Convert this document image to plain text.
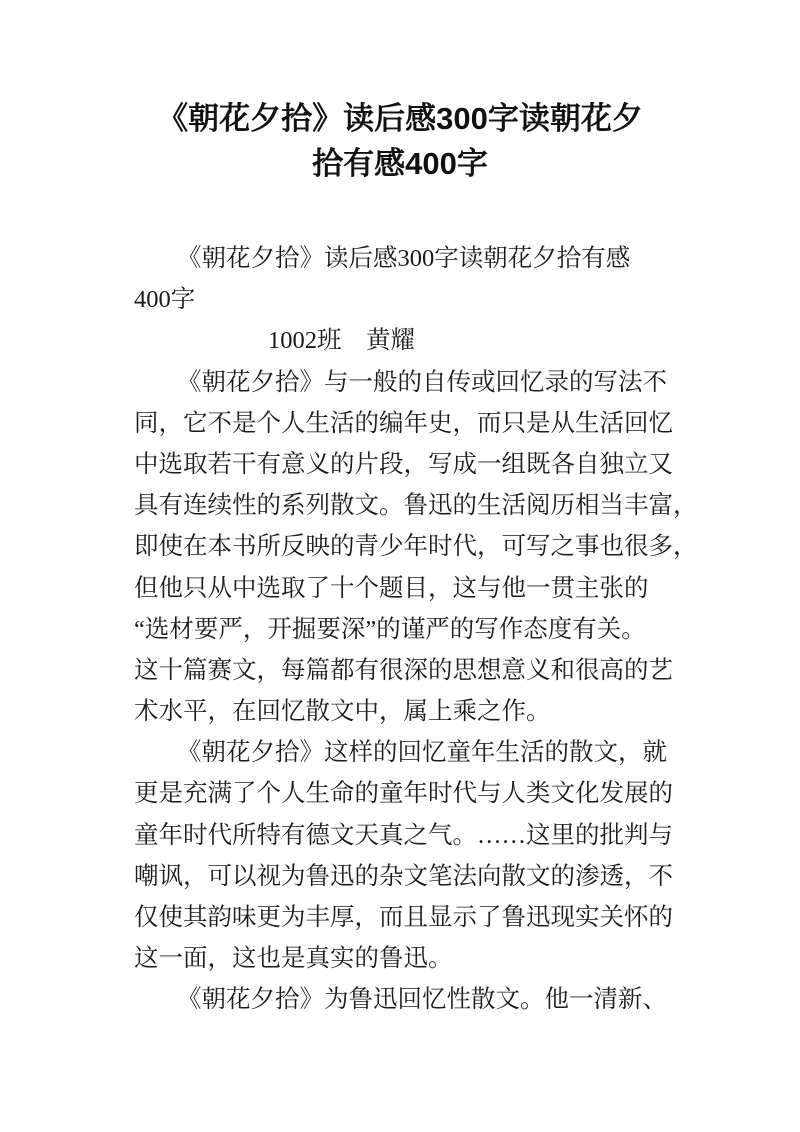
《朝花夕拾》读后感300字读朝花夕
拾有感400字
《朝花夕拾》读后感300字读朝花夕拾有感
400字
1002班　黄耀
《朝花夕拾》与一般的自传或回忆录的写法不
同，它不是个人生活的编年史，而只是从生活回忆
中选取若干有意义的片段，写成一组既各自独立又
具有连续性的系列散文。鲁迅的生活阅历相当丰富，
即使在本书所反映的青少年时代，可写之事也很多，
但他只从中选取了十个题目，这与他一贯主张的
“选材要严，开掘要深”的谨严的写作态度有关。
这十篇赛文，每篇都有很深的思想意义和很高的艺
术水平，在回忆散文中，属上乘之作。
《朝花夕拾》这样的回忆童年生活的散文，就
更是充满了个人生命的童年时代与人类文化发展的
童年时代所特有德文天真之气。……这里的批判与
嘲讽，可以视为鲁迅的杂文笔法向散文的渗透，不
仅使其韵味更为丰厚，而且显示了鲁迅现实关怀的
这一面，这也是真实的鲁迅。
《朝花夕拾》为鲁迅回忆性散文。他一清新、
